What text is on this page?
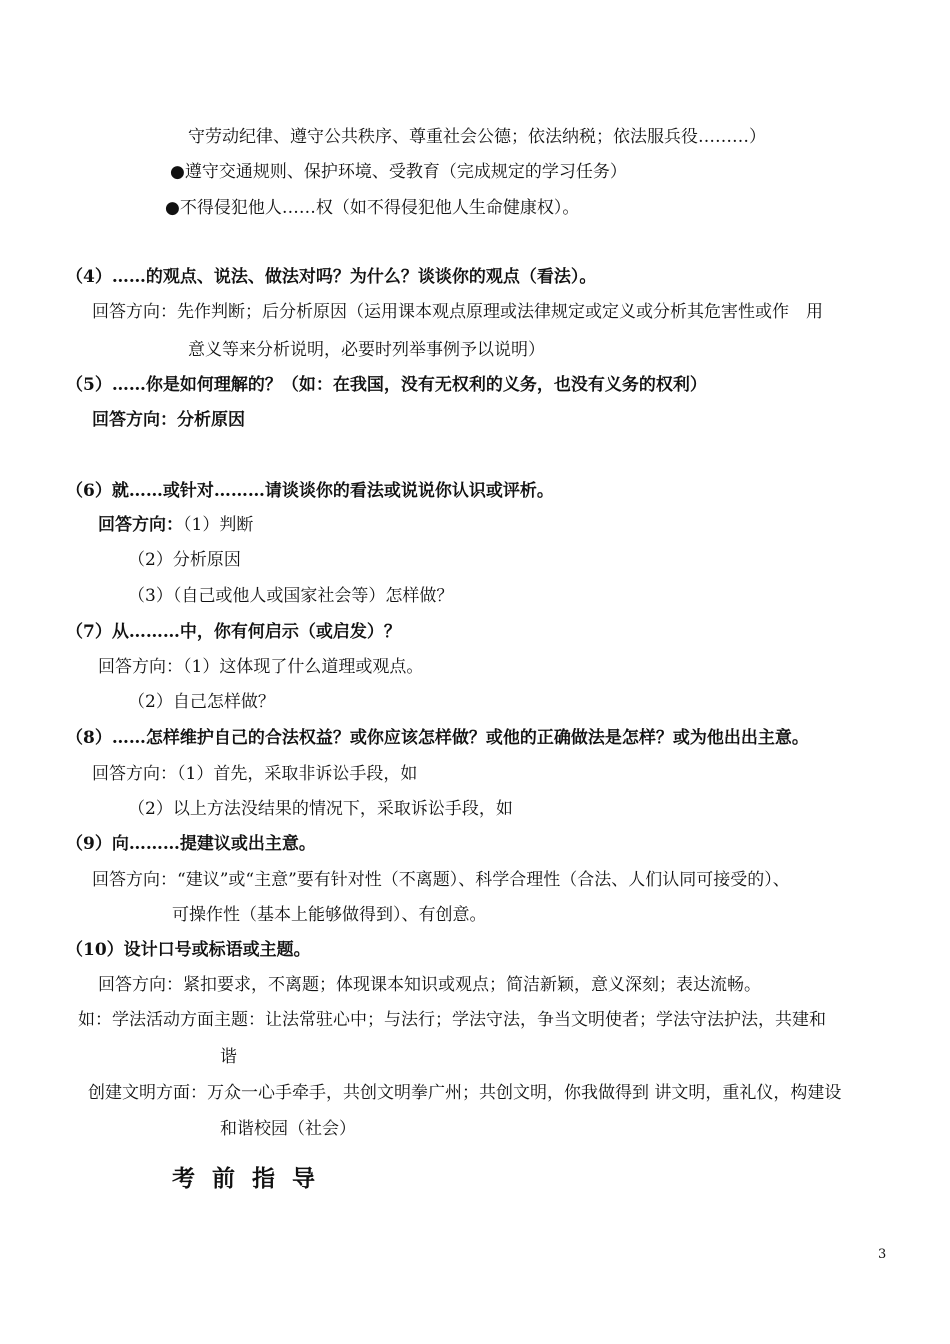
守劳动纪律、遵守公共秩序、尊重社会公德；依法纳税；依法服兵役………）
●遵守交通规则、保护环境、受教育（完成规定的学习任务）
●不得侵犯他人……权（如不得侵犯他人生命健康权）。
（4）……的观点、说法、做法对吗？为什么？谈谈你的观点（看法）。
回答方向：先作判断；后分析原因（运用课本观点原理或法律规定或定义或分析其危害性或作　用
意义等来分析说明，必要时列举事例予以说明）
（5）……你是如何理解的？（如：在我国，没有无权利的义务，也没有义务的权利）
回答方向：分析原因
（6）就……或针对………请谈谈你的看法或说说你认识或评析。
回答方向：（1）判断
（2）分析原因
（3）（自己或他人或国家社会等）怎样做？
（7）从………中，你有何启示（或启发）？
回答方向：（1）这体现了什么道理或观点。
（2）自己怎样做？
（8）……怎样维护自己的合法权益？或你应该怎样做？或他的正确做法是怎样？或为他出出主意。
回答方向：（1）首先，采取非诉讼手段，如
（2）以上方法没结果的情况下，采取诉讼手段，如
（9）向………提建议或出主意。
回答方向：“建议”或“主意”要有针对性（不离题）、科学合理性（合法、人们认同可接受的）、
可操作性（基本上能够做得到）、有创意。
（10）设计口号或标语或主题。
回答方向：紧扣要求，不离题；体现课本知识或观点；简洁新颖，意义深刻；表达流畅。
如：学法活动方面主题：让法常驻心中；与法行；学法守法，争当文明使者；学法守法护法，共建和
谐
创建文明方面：万众一心手牵手，共创文明拳广州；共创文明，你我做得到 讲文明，重礼仪，构建设
和谐校园（社会）
考前指导
3
